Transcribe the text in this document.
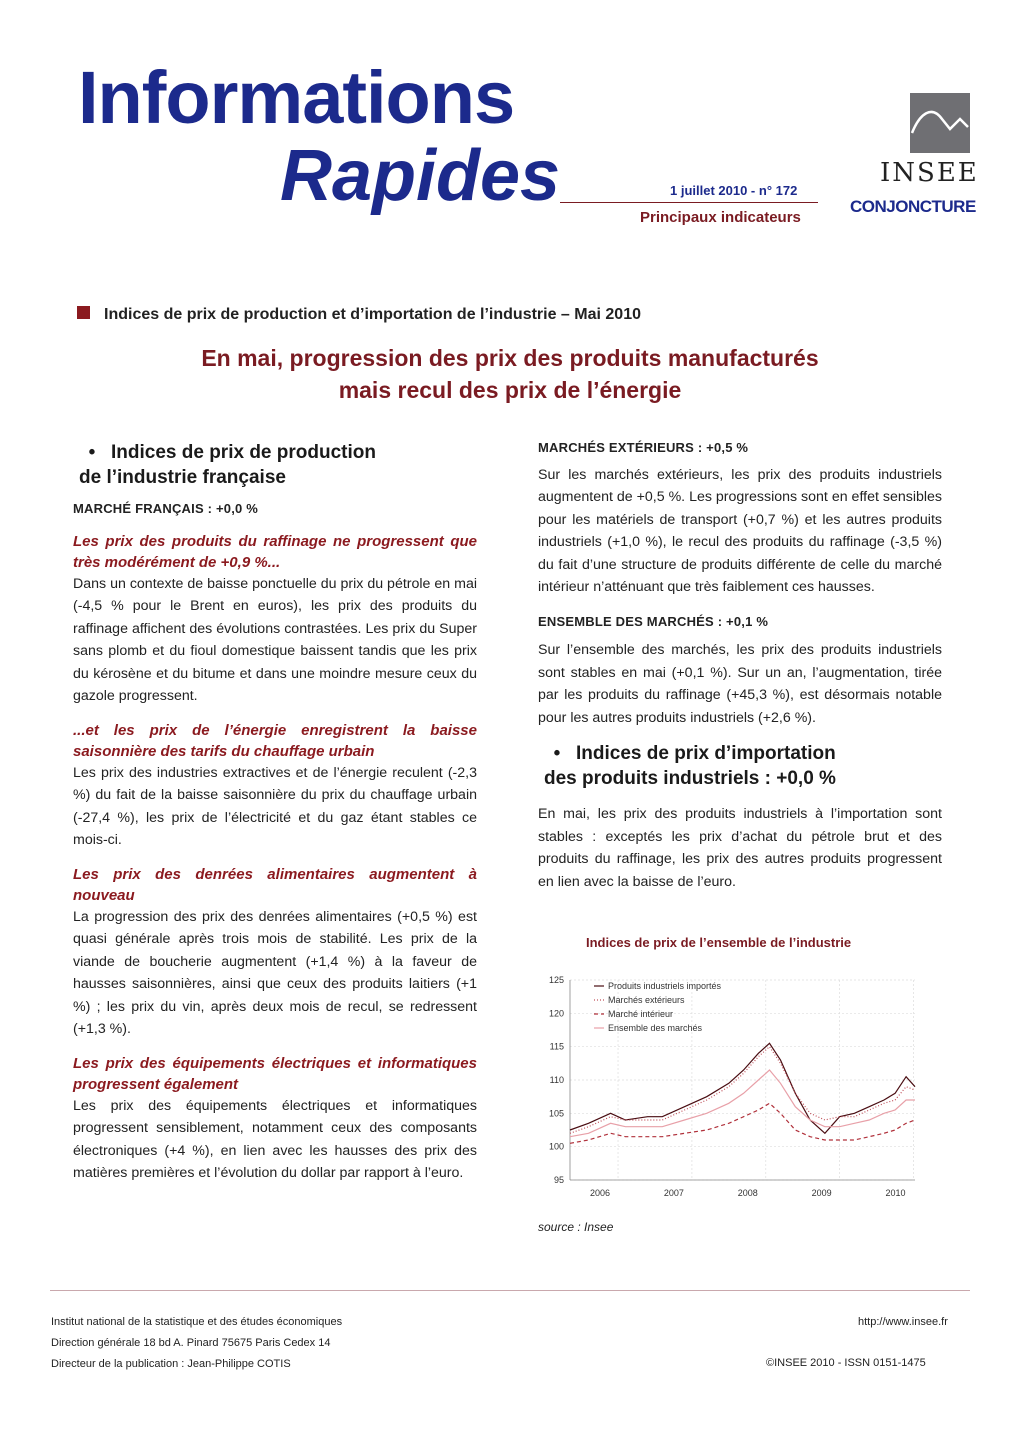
Informations
Rapides	1 juillet 2010 - n° 172
Principaux indicateurs
INSEE
CONJONCTURE
Indices de prix de production et d’importation de l’industrie – Mai 2010
En mai, progression des prix des produits manufacturés
mais recul des prix de l’énergie
• Indices de prix de production
de l’industrie française
MARCHÉ FRANÇAIS : +0,0 %

Les prix des produits du raffinage ne progressent que très modérément de +0,9 %...

Dans un contexte de baisse ponctuelle du prix du pétrole en mai (-4,5 % pour le Brent en euros), les prix des produits du raffinage affichent des évolutions contrastées. Les prix du Super sans plomb et du fioul domestique baissent tandis que les prix du kérosène et du bitume et dans une moindre mesure ceux du gazole progressent.

...et les prix de l’énergie enregistrent la baisse saisonnière des tarifs du chauffage urbain

Les prix des industries extractives et de l’énergie reculent (-2,3 %) du fait de la baisse saisonnière du prix du chauffage urbain (-27,4 %), les prix de l’électricité et du gaz étant stables ce mois-ci.

Les prix des denrées alimentaires augmentent à nouveau

La progression des prix des denrées alimentaires (+0,5 %) est quasi générale après trois mois de stabilité. Les prix de la viande de boucherie augmentent (+1,4 %) à la faveur de hausses saisonnières, ainsi que ceux des produits laitiers (+1 %) ; les prix du vin, après deux mois de recul, se redressent (+1,3 %).

Les prix des équipements électriques et informatiques progressent également

Les prix des équipements électriques et informatiques progressent sensiblement, notamment ceux des composants électroniques (+4 %), en lien avec les hausses des prix des matières premières et l’évolution du dollar par rapport à l’euro.

MARCHÉS EXTÉRIEURS : +0,5 %

Sur les marchés extérieurs, les prix des produits industriels augmentent de +0,5 %. Les progressions sont en effet sensibles pour les matériels de transport (+0,7 %) et les autres produits industriels (+1,0 %), le recul des produits du raffinage (-3,5 %) du fait d’une structure de produits différente de celle du marché intérieur n’atténuant que très faiblement ces hausses.

ENSEMBLE DES MARCHÉS : +0,1 %

Sur l’ensemble des marchés, les prix des produits industriels sont stables en mai (+0,1 %). Sur un an, l’augmentation, tirée par les produits du raffinage (+45,3 %), est désormais notable pour les autres produits industriels (+2,6 %).

• Indices de prix d’importation
des produits industriels : +0,0 %

En mai, les prix des produits industriels à l’importation sont stables : exceptés les prix d’achat du pétrole brut et des produits du raffinage, les prix des autres produits progressent en lien avec la baisse de l’euro.

Indices de prix de l’ensemble de l’industrie
95
100
105
110
115
120
125
2006	2007	2008	2009	2010
Produits industriels importés
Marchés extérieurs
Marché intérieur
Ensemble des marchés
source : Insee
Institut national de la statistique et des études économiques
Direction générale 18 bd A. Pinard 75675 Paris Cedex 14
Directeur de la publication : Jean-Philippe COTIS
http://www.insee.fr
©INSEE 2010 - ISSN 0151-1475
